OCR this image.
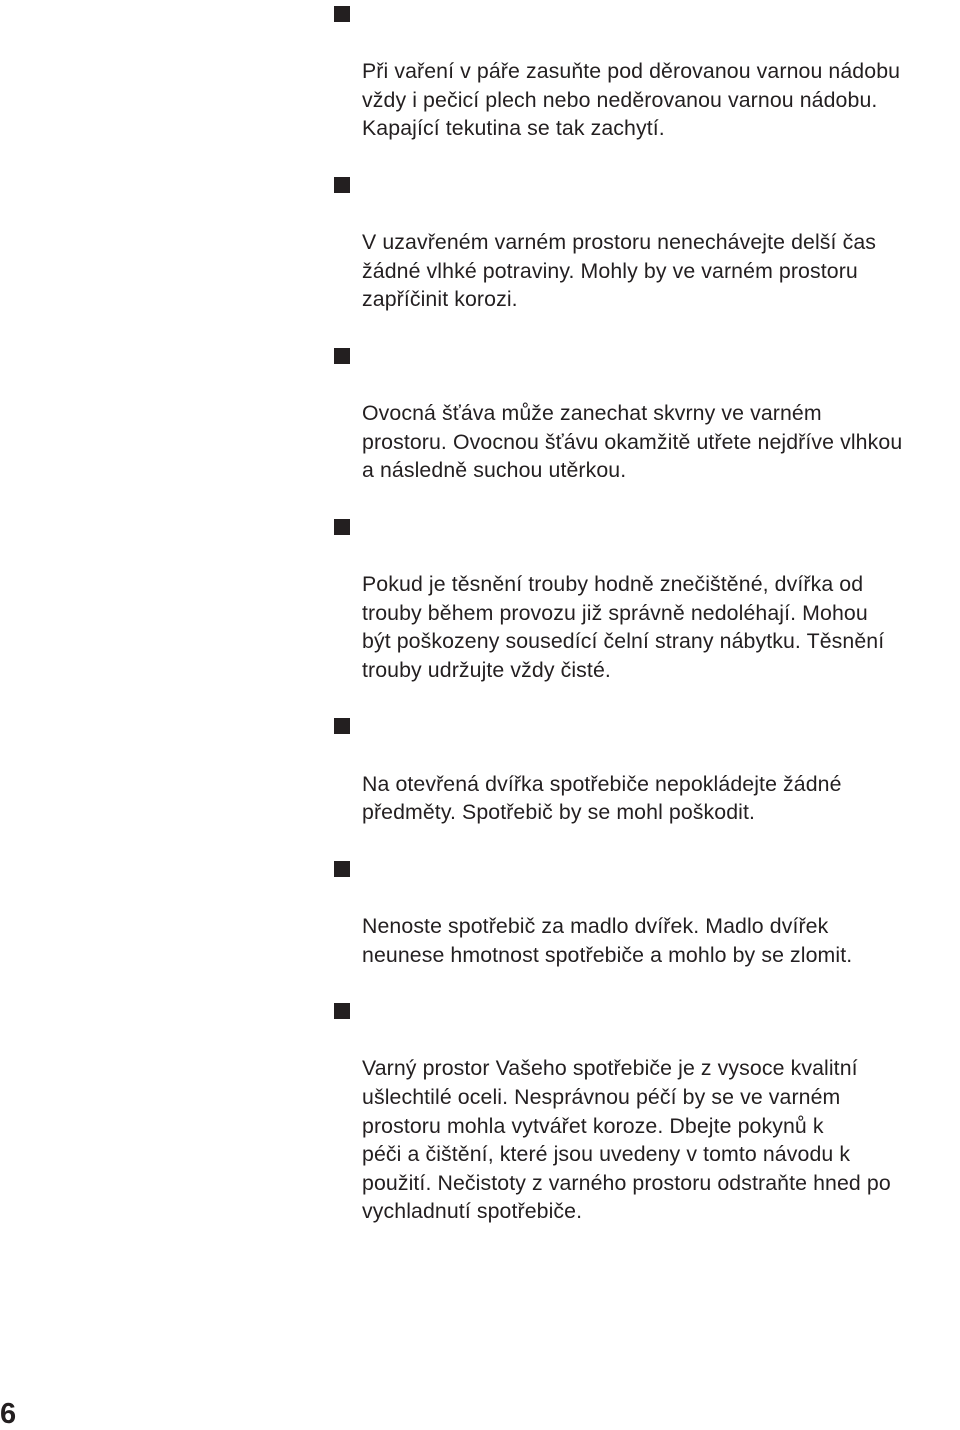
Při vaření v páře zasuňte pod děrovanou varnou nádobu
vždy i pečicí plech nebo neděrovanou varnou nádobu.
Kapající tekutina se tak zachytí.

V uzavřeném varném prostoru nenechávejte delší čas
žádné vlhké potraviny. Mohly by ve varném prostoru
zapříčinit korozi.

Ovocná šťáva může zanechat skvrny ve varném
prostoru. Ovocnou šťávu okamžitě utřete nejdříve vlhkou
a následně suchou utěrkou.

Pokud je těsnění trouby hodně znečištěné, dvířka od
trouby během provozu již správně nedoléhají. Mohou
být poškozeny sousedící čelní strany nábytku. Těsnění
trouby udržujte vždy čisté.

Na otevřená dvířka spotřebiče nepokládejte žádné
předměty. Spotřebič by se mohl poškodit.

Nenoste spotřebič za madlo dvířek. Madlo dvířek
neunese hmotnost spotřebiče a mohlo by se zlomit.

Varný prostor Vašeho spotřebiče je z vysoce kvalitní
ušlechtilé oceli. Nesprávnou péčí by se ve varném
prostoru mohla vytvářet koroze. Dbejte pokynů k
péči a čištění, které jsou uvedeny v tomto návodu k
použití. Nečistoty z varného prostoru odstraňte hned po
vychladnutí spotřebiče.

6
